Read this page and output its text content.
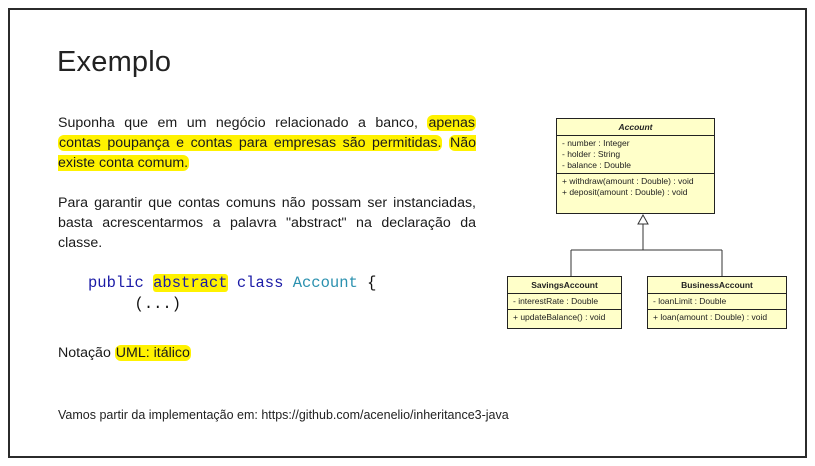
Exemplo
Suponha que em um negócio relacionado a banco, apenas contas poupança e contas para empresas são permitidas. Não existe conta comum.
Para garantir que contas comuns não possam ser instanciadas, basta acrescentarmos a palavra "abstract" na declaração da classe.
public abstract class Account {
(...)
Notação UML: itálico
Vamos partir da implementação em: https://github.com/acenelio/inheritance3-java
Account
- number : Integer
- holder : String
- balance : Double
+ withdraw(amount : Double) : void
+ deposit(amount : Double) : void
SavingsAccount
- interestRate : Double
+ updateBalance() : void
BusinessAccount
- loanLimit : Double
+ loan(amount : Double) : void
